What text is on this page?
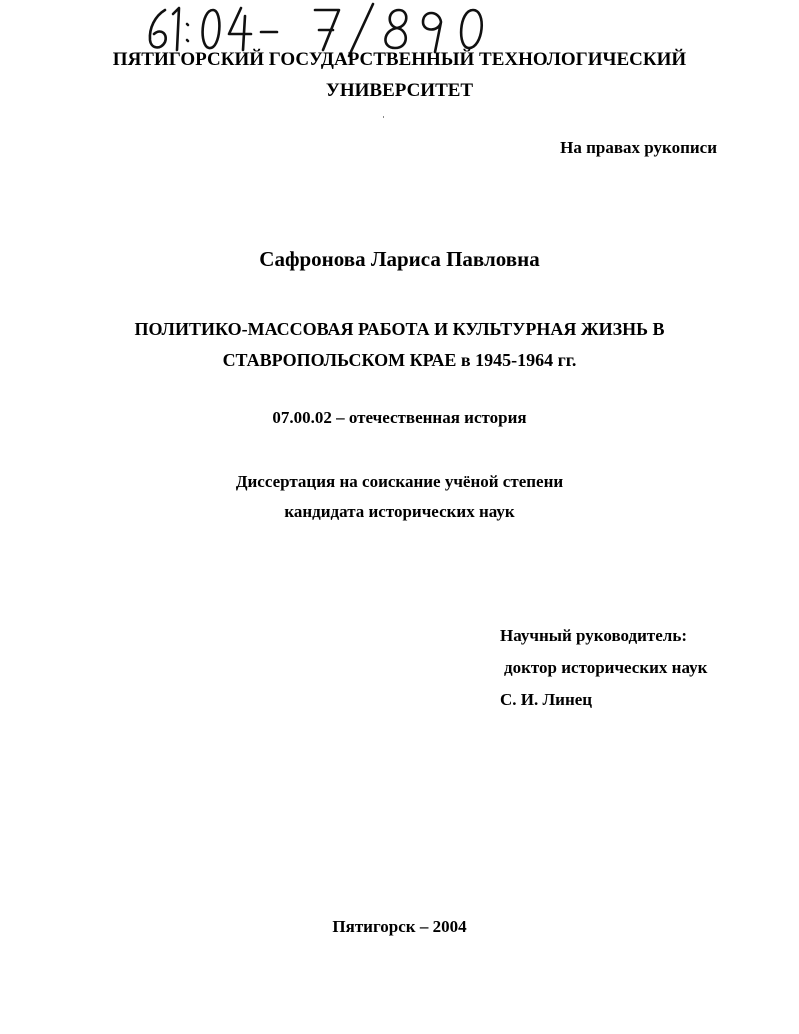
ПЯТИГОРСКИЙ ГОСУДАРСТВЕННЫЙ ТЕХНОЛОГИЧЕСКИЙ
УНИВЕРСИТЕТ
На правах рукописи
Сафронова Лариса Павловна
ПОЛИТИКО-МАССОВАЯ РАБОТА И КУЛЬТУРНАЯ ЖИЗНЬ В
СТАВРОПОЛЬСКОМ КРАЕ в 1945-1964 гг.
07.00.02 – отечественная история
Диссертация на соискание учёной степени
кандидата исторических наук
Научный руководитель:
доктор исторических наук
С. И. Линец
Пятигорск – 2004
